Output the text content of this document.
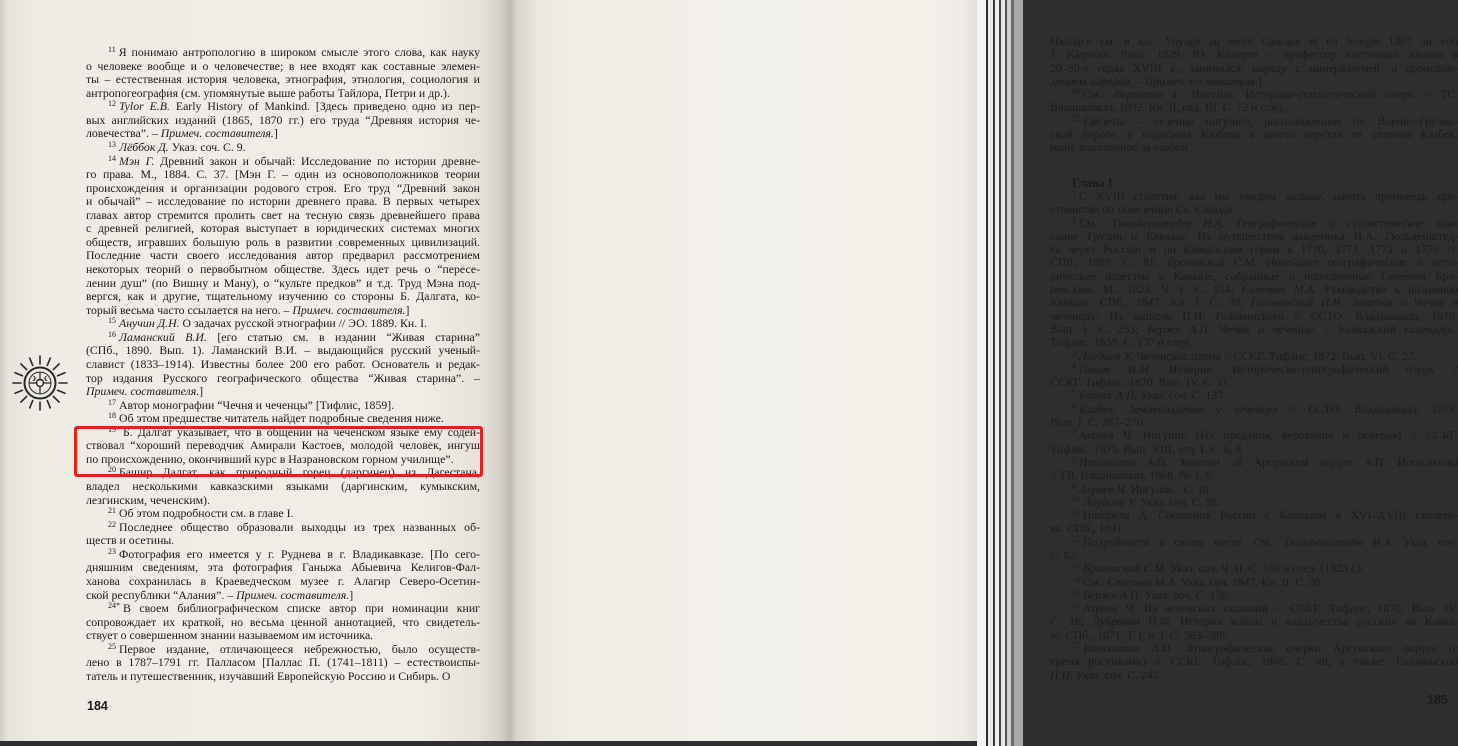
$^{11}$ Я понимаю антропологию в широком смысле этого слова, как науку
о человеке вообще и о человечестве; в нее входят как составные элемен-
ты – естественная история человека, этнография, этнология, социология и
антропогеография (см. упомянутые выше работы Тайлора, Петри и др.).
$^{12}$ Tylor E.B. Early History of Mankind. [Здесь приведено одно из пер-
вых английских изданий (1865, 1870 гг.) его труда “Древняя история че-
ловечества”. – Примеч. составителя.]
$^{13}$ Лёббок Д. Указ. соч. С. 9.
$^{14}$ Мэн Г. Древний закон и обычай: Исследование по истории древне-
го права. М., 1884. С. 37. [Мэн Г. – один из основоположников теории
происхождения и организации родового строя. Его труд “Древний закон
и обычай” – исследование по истории древнего права. В первых четырех
главах автор стремится пролить свет на тесную связь древнейшего права
с древней религией, которая выступает в юридических системах многих
обществ, игравших большую роль в развитии современных цивилизаций.
Последние части своего исследования автор предварил рассмотрением
некоторых теорий о первобытном обществе. Здесь идет речь о “пересе-
лении душ” (по Вишну и Ману), о “культе предков” и т.д. Труд Мэна под-
вергся, как и другие, тщательному изучению со стороны Б. Далгата, ко-
торый весьма часто ссылается на него. – Примеч. составителя.]
$^{15}$ Анучин Д.Н. О задачах русской этнографии // ЭО. 1889. Кн. I.
$^{16}$ Ламанский В.И. [его статью см. в издании “Живая старина”
(СПб., 1890. Вып. 1). Ламанский В.И. – выдающийся русский ученый-
славист (1833–1914). Известны более 200 его работ. Основатель и редак-
тор издания Русского географического общества “Живая старина”. –
Примеч. составителя.]
$^{17}$ Автор монографии “Чечня и чеченцы” [Тифлис, 1859].
$^{18}$ Об этом предшестве читатель найдет подробные сведения ниже.
$^{19*}$ Б. Далгат указывает, что в общении на чеченском языке ему содей-
ствовал “хороший переводчик Амирали Кастоев, молодой человек, ингуш
по происхождению, окончивший курс в Назрановском горном училище”.
$^{20}$ Башир Далгат, как природный горец (даргинец) из Дагестана,
владел несколькими кавказскими языками (даргинским, кумыкским,
лезгинским, чеченским).
$^{21}$ Об этом подробности см. в главе I.
$^{22}$ Последнее общество образовали выходцы из трех названных об-
ществ и осетины.
$^{23}$ Фотография его имеется у г. Руднева в г. Владикавказе. [По сего-
дняшним сведениям, эта фотография Ганыжа Абыевича Келигов-Фал-
ханова сохранилась в Краеведческом музее г. Алагир Северо-Осетин-
ской республики “Алания”. – Примеч. составителя.]
$^{24*}$ В своем библиографическом списке автор при номинации книг
сопровождает их краткой, но весьма ценной аннотацией, что свидетель-
ствует о совершенном знании называемом им источника.
$^{25}$ Первое издание, отличающееся небрежностью, было осуществ-
лено в 1787–1791 гг. Палласом [Паллас П. (1741–1811) – естествоиспы-
татель и путешественник, изучавший Европейскую Россию и Сибирь. О
184
Палласе см. в кн.: Voyage au mont Caucase et en Jeorgie 1807 an von
J. Klaproth. Paris, 1829. Ю. Клапрот – профессор восточных языков в
20–30-х годах XVIII в., занимался, наряду с минералогией, и происхож-
дением народов. – Примеч. составителя.]
$^{26}$ См.: Вертепов Г. Ингуши: Историко-статистический очерк // ТС.
Владикавказ, 1892. Кн. II, отд. III. С. 72 и след.
$^{27}$ Гвелеты – селение ингушей, расположенное по Военно-Грузин-
ской дороге, у подножия Казбека в шести верстах от селения Казбек,
ныне выселенное за разбои.
Глава I
$^1$ С XVIII столетия, как мы увидим дальше, начата проповедь хри-
стианства по повелению Св. Синода.
$^2$ См.: Гюльденштедт И.А. Географическое и статистическое опи-
сание Грузии и Кавказа: Из путешествия академика И.А. Гюльденштед-
та через Россию и по Кавказским горам в 1770, 1771, 1772 и 1773 гг.
СПб., 1809. С. 81; Броневский С.М. Новейшие географические и исто-
рические известия о Кавказе, собранные и пополненные Семеном Бро-
невским. М., 1823. Ч. I. С. 154; Селезнев М.А. Руководство к познанию
Кавказа. СПб., 1847. Кн. I. С. 30; Головинский П.И. Заметки о Чечне и
чеченцах: Из записок П.И. Головинского // ССТО. Владикавказ, 1878.
Вып. I. С. 253; Берже А.П. Чечня и чеченцы // Кавказский календарь.
Тифлис, 1859. С. 137 и след.
$^3$ Лаудаев У. Чеченское племя // ССКГ. Тифлис, 1872. Вып. VI. С. 27.
$^4$ Попов И.М. Ичкерия: Историческо-топографический очерк //
ССКГ. Тифлис, 1870. Вып. IV. С. 11.
$^5$ Берже А.П. Указ. соч. С. 137.
$^6$ Казбек. Землевладение у чеченцев // ССТО. Владикавказ, 1878.
Вып. I. С. 267–270.
$^7$ Ахриев Ч. Ингуши: (Их предания, верования и поверья) // ССКГ.
Тифлис, 1875. Вып. VIII, отд. I. С. 6, 8.
$^8$ Ипполитов А.П. Заметки об Аргунском округе А.П. Ипполитова
// ТВ. Владикавказ, 1868. № 3, 5.
$^9$ Ахриев Ч. Ингуши... С. 18.
$^{10}$ Лаудаев У. Указ. соч. С. 58.
$^{11}$ Цагарели А. Сношения России с Кавказом в XVI–XVIII столети-
ях. СПб., 1891.
$^{12}$ Подробности в своем месте. См.: Гюльденштедт И.А. Указ. соч.
С. 82.
$^{13}$ Броневский С.М. Указ. соч. Ч. II. С. 160 и след. (1823 г.).
$^{14}$ См.: Селезнев М.А. Указ. соч. 1847. Кн. II. С. 30.
$^{15}$ Берже А.П. Указ. соч. С. 138.
$^{16}$ Ахриев Ч. Из чеченских сказаний // ССКГ. Тифлис, 1870. Вып. IV.
С. 16; Дубровин Н.Ф. История войны и владычества русских на Кавка-
зе. СПб., 1871. Т. I, ч. I. С. 383–388.
$^{17}$ Ипполитов А.П. Этнографические очерки Аргунского округа (с
тремя рисунками) // ССКГ. Тифлис, 1868. С. 48; а также: Головинский
П.И. Указ. соч. С. 247.
185
